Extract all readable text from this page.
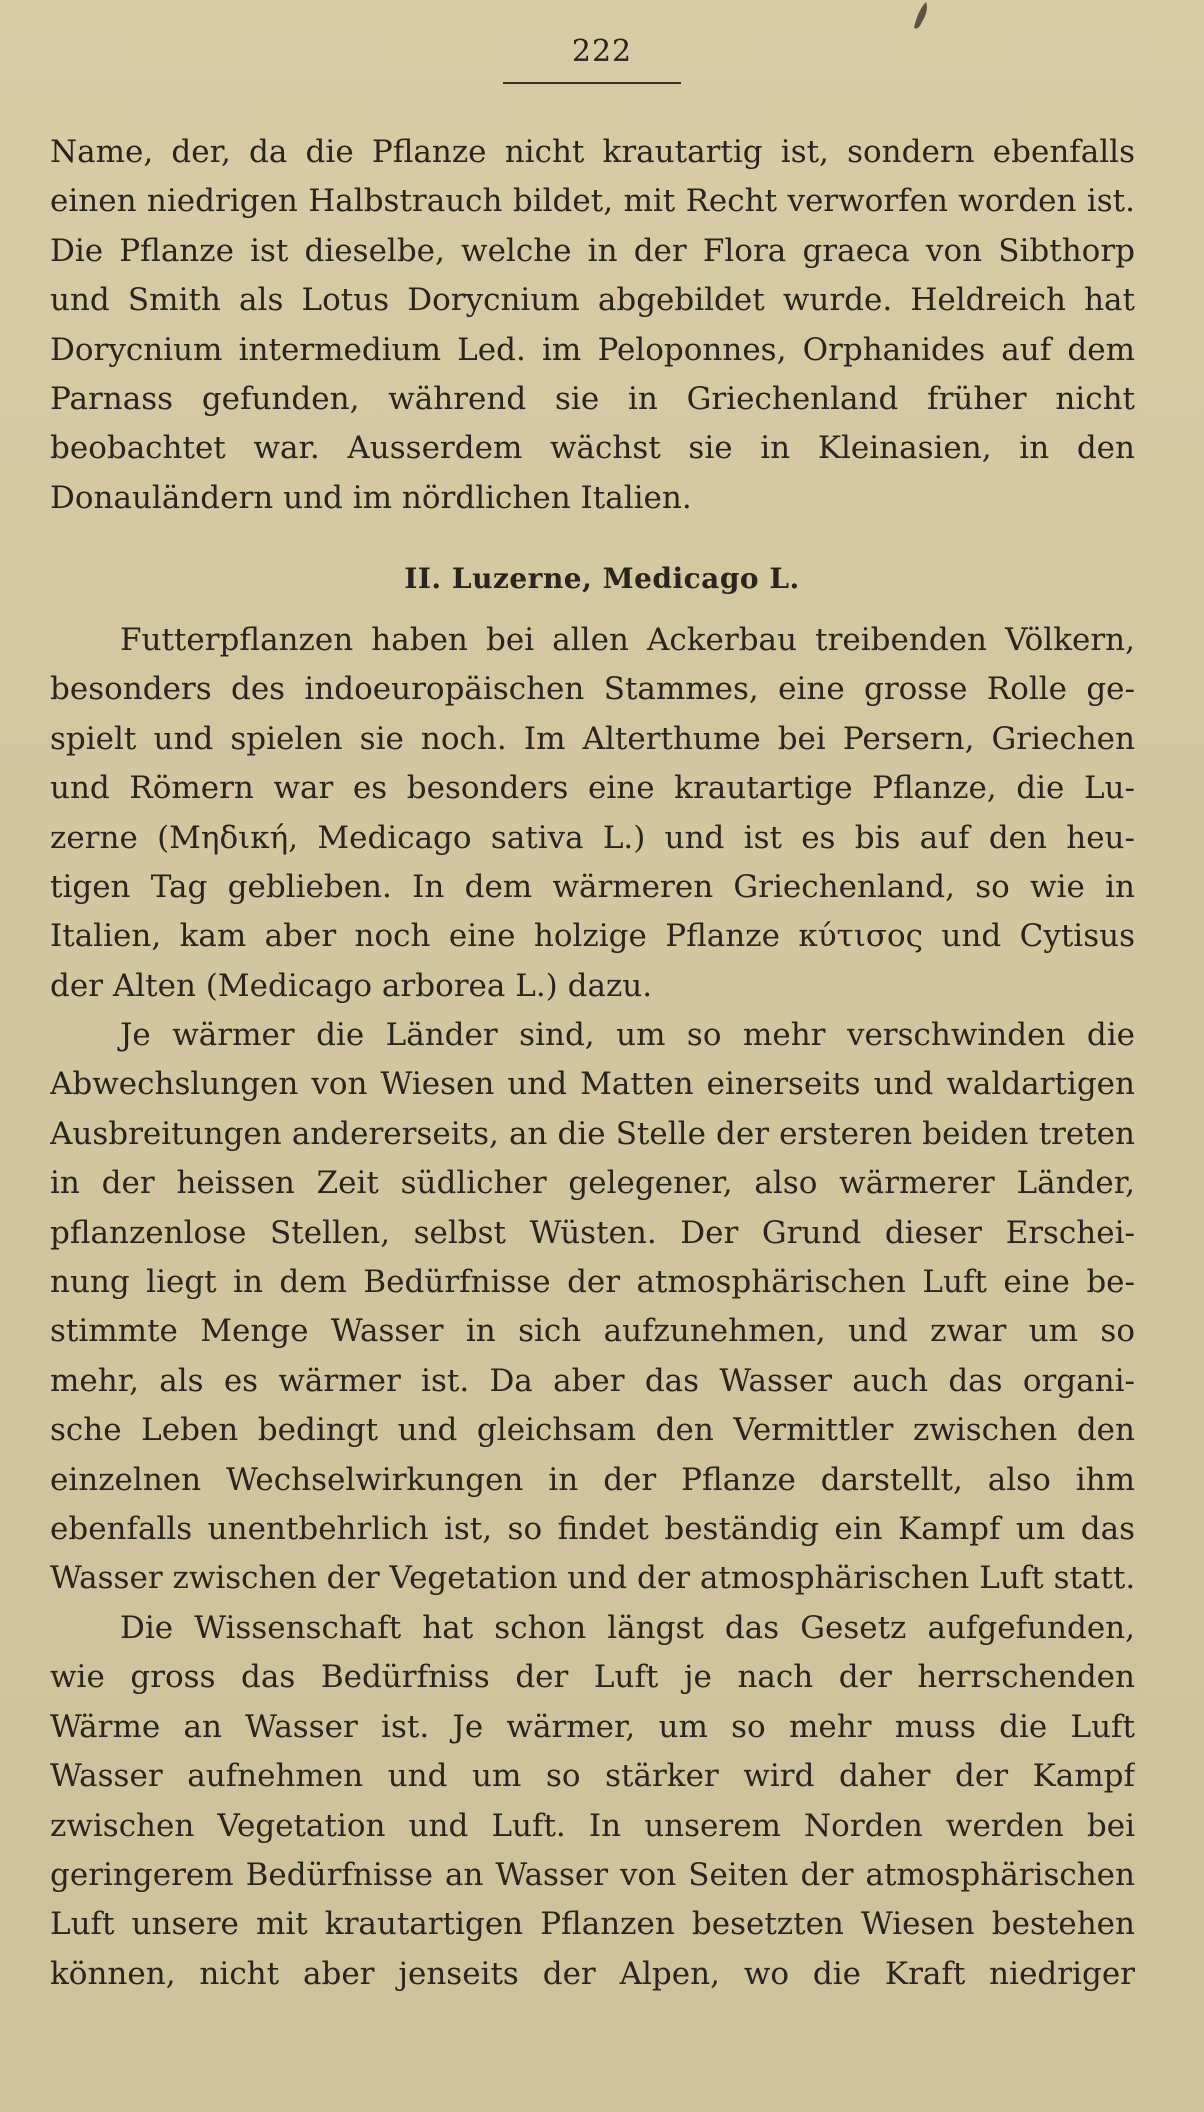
222
Name, der, da die Pflanze nicht krautartig ist, sondern ebenfalls
einen niedrigen Halbstrauch bildet, mit Recht verworfen worden ist.
Die Pflanze ist dieselbe, welche in der Flora graeca von Sibthorp
und Smith als Lotus Dorycnium abgebildet wurde. Heldreich hat
Dorycnium intermedium Led. im Peloponnes, Orphanides auf dem
Parnass gefunden, während sie in Griechenland früher nicht
beobachtet war. Ausserdem wächst sie in Kleinasien, in den
Donauländern und im nördlichen Italien.
II. Luzerne, Medicago L.
Futterpflanzen haben bei allen Ackerbau treibenden Völkern,
besonders des indoeuropäischen Stammes, eine grosse Rolle ge-
spielt und spielen sie noch. Im Alterthume bei Persern, Griechen
und Römern war es besonders eine krautartige Pflanze, die Lu-
zerne (Μηδική, Medicago sativa L.) und ist es bis auf den heu-
tigen Tag geblieben. In dem wärmeren Griechenland, so wie in
Italien, kam aber noch eine holzige Pflanze κύτισος und Cytisus
der Alten (Medicago arborea L.) dazu.
Je wärmer die Länder sind, um so mehr verschwinden die
Abwechslungen von Wiesen und Matten einerseits und waldartigen
Ausbreitungen andererseits, an die Stelle der ersteren beiden treten
in der heissen Zeit südlicher gelegener, also wärmerer Länder,
pflanzenlose Stellen, selbst Wüsten. Der Grund dieser Erschei-
nung liegt in dem Bedürfnisse der atmosphärischen Luft eine be-
stimmte Menge Wasser in sich aufzunehmen, und zwar um so
mehr, als es wärmer ist. Da aber das Wasser auch das organi-
sche Leben bedingt und gleichsam den Vermittler zwischen den
einzelnen Wechselwirkungen in der Pflanze darstellt, also ihm
ebenfalls unentbehrlich ist, so findet beständig ein Kampf um das
Wasser zwischen der Vegetation und der atmosphärischen Luft statt.
Die Wissenschaft hat schon längst das Gesetz aufgefunden,
wie gross das Bedürfniss der Luft je nach der herrschenden
Wärme an Wasser ist. Je wärmer, um so mehr muss die Luft
Wasser aufnehmen und um so stärker wird daher der Kampf
zwischen Vegetation und Luft. In unserem Norden werden bei
geringerem Bedürfnisse an Wasser von Seiten der atmosphärischen
Luft unsere mit krautartigen Pflanzen besetzten Wiesen bestehen
können, nicht aber jenseits der Alpen, wo die Kraft niedriger
